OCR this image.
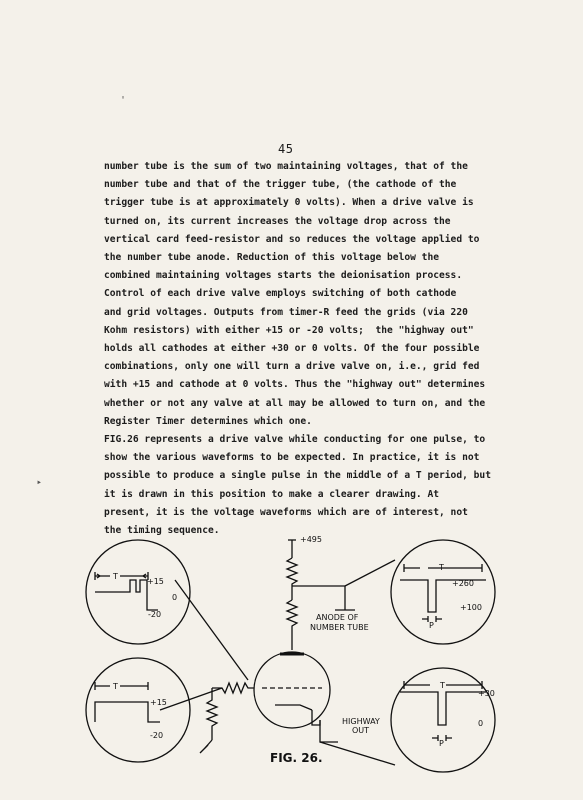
45
number tube is the sum of two maintaining voltages, that of the
number tube and that of the trigger tube, (the cathode of the
trigger tube is at approximately 0 volts). When a drive valve is
turned on, its current increases the voltage drop across the
vertical card feed-resistor and so reduces the voltage applied to
the number tube anode. Reduction of this voltage below the
combined maintaining voltages starts the deionisation process.
Control of each drive valve employs switching of both cathode
and grid voltages. Outputs from timer-R feed the grids (via 220
Kohm resistors) with either +15 or -20 volts;  the "highway out"
holds all cathodes at either +30 or 0 volts. Of the four possible
combinations, only one will turn a drive valve on, i.e., grid fed
with +15 and cathode at 0 volts. Thus the "highway out" determines
whether or not any valve at all may be allowed to turn on, and the
Register Timer determines which one.
FIG.26 represents a drive valve while conducting for one pulse, to
show the various waveforms to be expected. In practice, it is not
possible to produce a single pulse in the middle of a T period, but
it is drawn in this position to make a clearer drawing. At
present, it is the voltage waveforms which are of interest, not
the timing sequence.
'
‣
+495
ANODE OF
NUMBER TUBE
HIGHWAY
OUT
FIG. 26.
T
+15
0
-20
T
+15
-20
T
+260
+100
P
T
+30
0
P
